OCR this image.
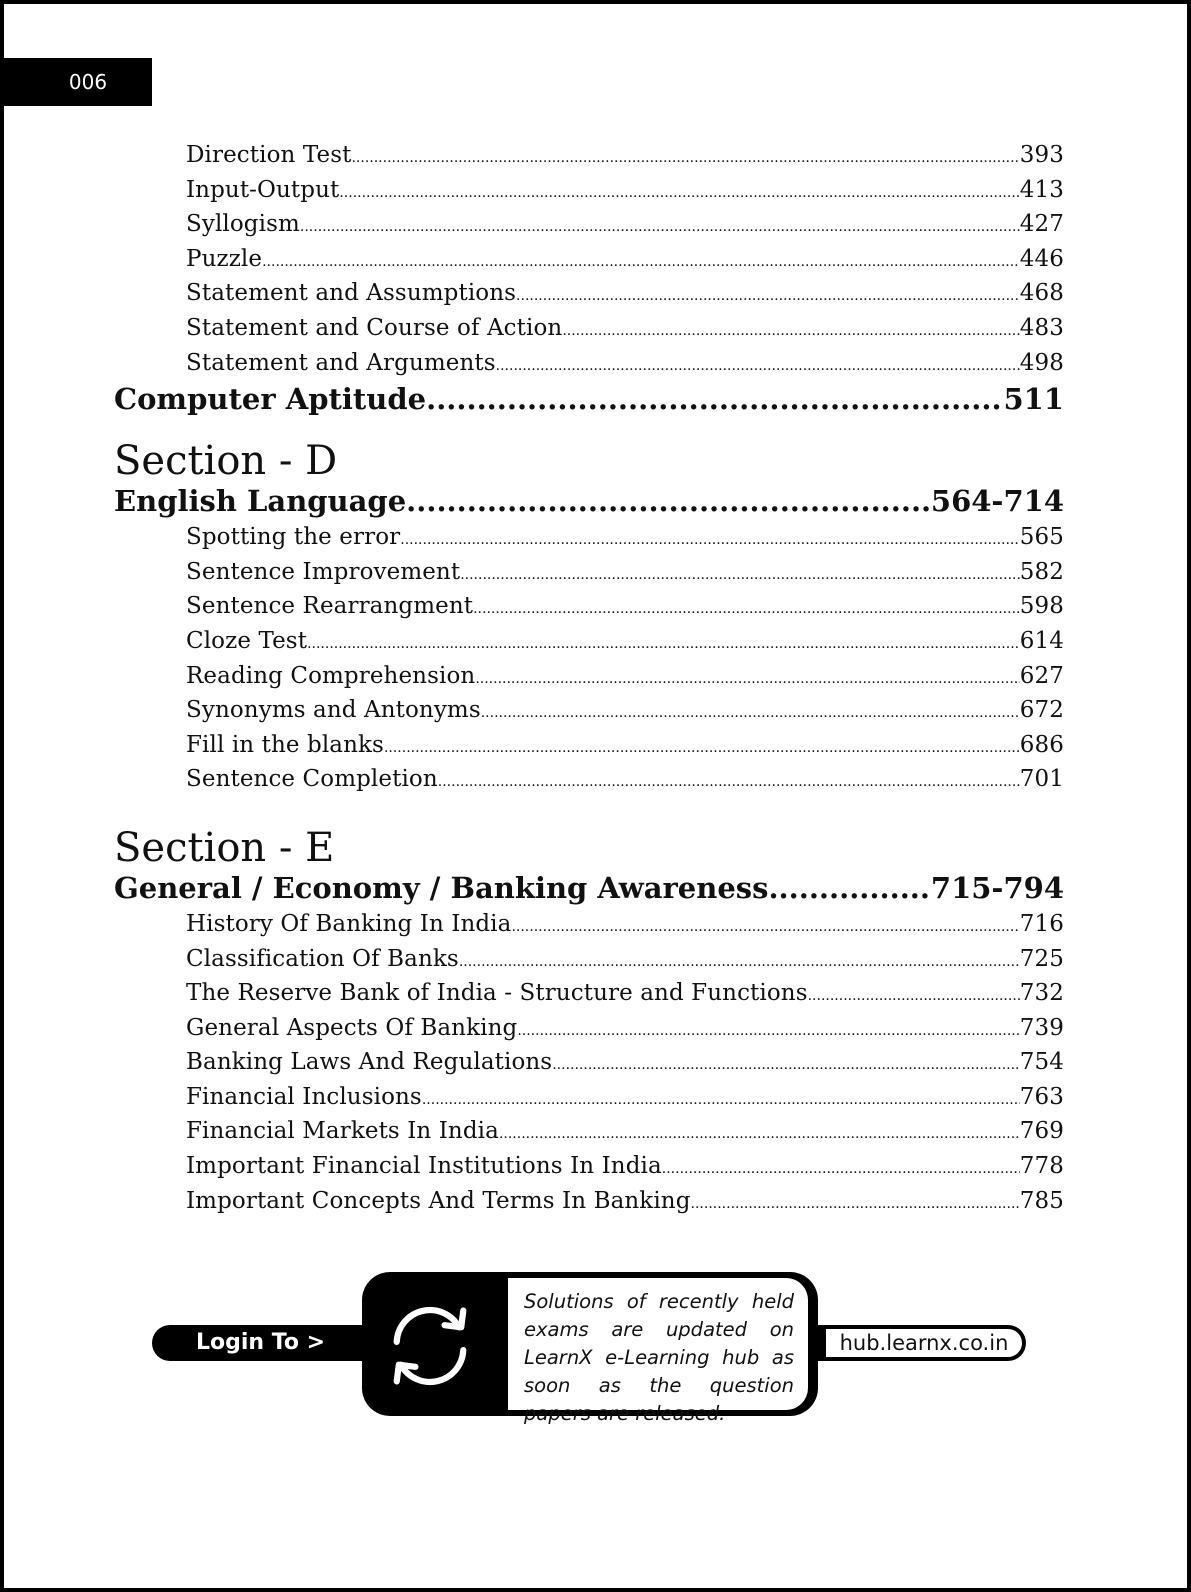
006
Direction Test .....	393
Input-Output .....	413
Syllogism .....	427
Puzzle .....	446
Statement and Assumptions .....	468
Statement and Course of Action .....	483
Statement and Arguments .....	498
Computer Aptitude .....	511
Section - D
English Language .....	564-714
Spotting the error .....	565
Sentence Improvement .....	582
Sentence Rearrangment .....	598
Cloze Test .....	614
Reading Comprehension .....	627
Synonyms and Antonyms .....	672
Fill in the blanks .....	686
Sentence Completion .....	701
Section - E
General / Economy / Banking Awareness .....	715-794
History Of Banking In India .....	716
Classification Of Banks .....	725
The Reserve Bank of India - Structure and Functions .....	732
General Aspects Of Banking .....	739
Banking Laws And Regulations .....	754
Financial Inclusions .....	763
Financial Markets In India .....	769
Important Financial Institutions In India .....	778
Important Concepts And Terms In Banking .....	785
Login To >
Solutions of recently held exams are updated on LearnX e-Learning hub as soon as the question papers are released.
hub.learnx.co.in
